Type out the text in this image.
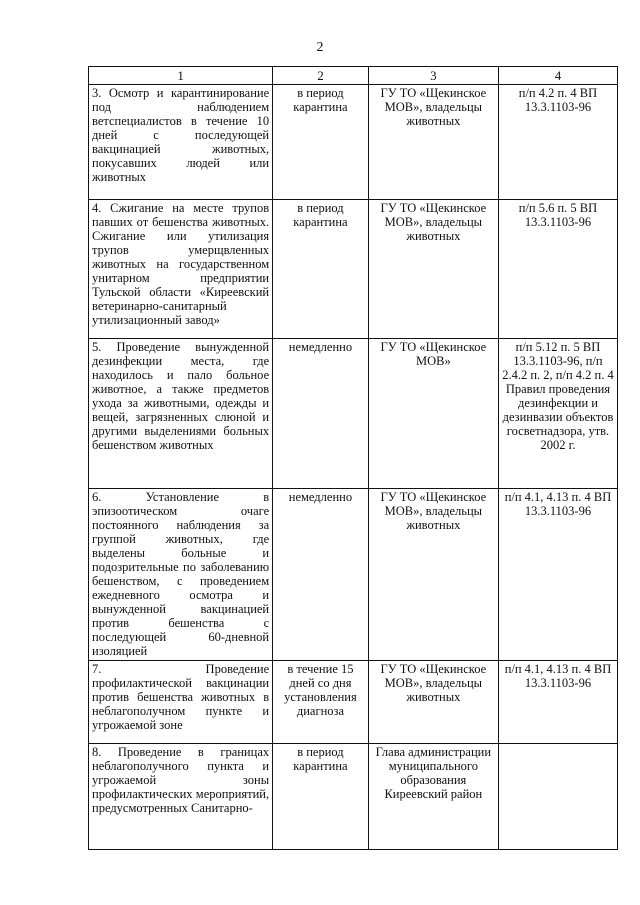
2
1	2	3	4
3. Осмотр и карантинирование под наблюдением ветспециалистов в течение 10 дней с последующей вакцинацией животных, покусавших людей или животных	в период карантина	ГУ ТО «Щекинское МОВ», владельцы животных	п/п 4.2 п. 4 ВП 13.3.1103-96
4. Сжигание на месте трупов павших от бешенства животных. Сжигание или утилизация трупов умерщвленных животных на государственном унитарном предприятии Тульской области «Киреевский ветеринарно-санитарный утилизационный завод»	в период карантина	ГУ ТО «Щекинское МОВ», владельцы животных	п/п 5.6 п. 5 ВП 13.3.1103-96
5. Проведение вынужденной дезинфекции места, где находилось и пало больное животное, а также предметов ухода за животными, одежды и вещей, загрязненных слюной и другими выделениями больных бешенством животных	немедленно	ГУ ТО «Щекинское МОВ»	п/п 5.12 п. 5 ВП 13.3.1103-96, п/п 2.4.2 п. 2, п/п 4.2 п. 4 Правил проведения дезинфекции и дезинвазии объектов госветнадзора, утв. 2002 г.
6. Установление в эпизоотическом очаге постоянного наблюдения за группой животных, где выделены больные и подозрительные по заболеванию бешенством, с проведением ежедневного осмотра и вынужденной вакцинацией против бешенства с последующей 60-дневной изоляцией	немедленно	ГУ ТО «Щекинское МОВ», владельцы животных	п/п 4.1, 4.13 п. 4 ВП 13.3.1103-96
7. Проведение профилактической вакцинации против бешенства животных в неблагополучном пункте и угрожаемой зоне	в течение 15 дней со дня установления диагноза	ГУ ТО «Щекинское МОВ», владельцы животных	п/п 4.1, 4.13 п. 4 ВП 13.3.1103-96
8. Проведение в границах неблагополучного пункта и угрожаемой зоны профилактических мероприятий, предусмотренных Санитарно-	в период карантина	Глава администрации муниципального образования Киреевский район	
